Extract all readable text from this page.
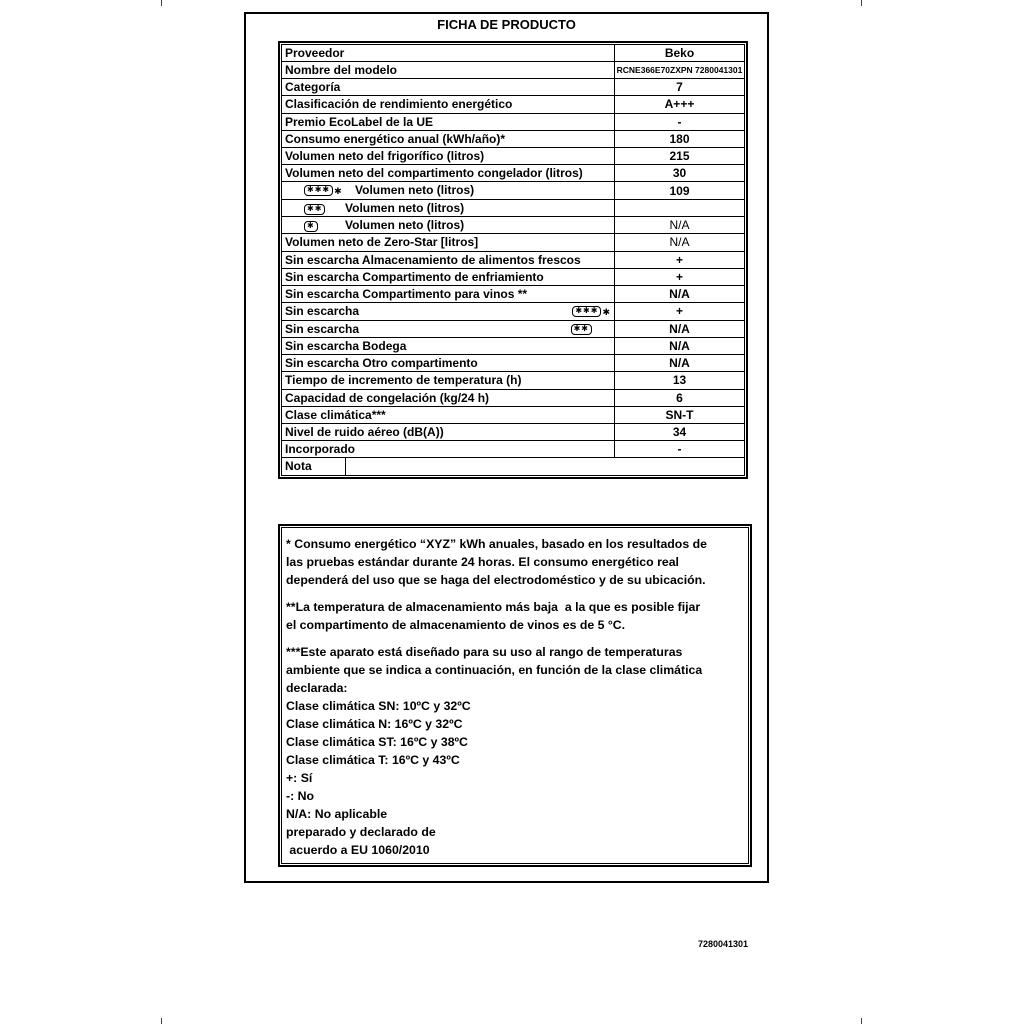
FICHA DE PRODUCTO
Proveedor	Beko
Nombre del modelo	RCNE366E70ZXPN 7280041301
Categoría	7
Clasificación de rendimiento energético	A+++
Premio EcoLabel de la UE	-
Consumo energético anual (kWh/año)*	180
Volumen neto del frigorífico (litros)	215
Volumen neto del compartimento congelador (litros)	30
✱✱✱ ✱ Volumen neto (litros)	109
✱✱ Volumen neto (litros)	
✱ Volumen neto (litros)	N/A
Volumen neto de Zero-Star [litros]	N/A
Sin escarcha Almacenamiento de alimentos frescos	+
Sin escarcha Compartimento de enfriamiento	+
Sin escarcha Compartimento para vinos **	N/A
Sin escarcha ✱✱✱ ✱	+
Sin escarcha ✱✱	N/A
Sin escarcha Bodega	N/A
Sin escarcha Otro compartimento	N/A
Tiempo de incremento de temperatura (h)	13
Capacidad de congelación (kg/24 h)	6
Clase climática***	SN-T
Nivel de ruido aéreo (dB(A))	34
Incorporado	-
Nota	

* Consumo energético “XYZ” kWh anuales, basado en los resultados de
las pruebas estándar durante 24 horas. El consumo energético real
dependerá del uso que se haga del electrodoméstico y de su ubicación.

**La temperatura de almacenamiento más baja  a la que es posible fijar
el compartimento de almacenamiento de vinos es de 5 °C.

***Este aparato está diseñado para su uso al rango de temperaturas
ambiente que se indica a continuación, en función de la clase climática
declarada:
Clase climática SN: 10ºC y 32ºC
Clase climática N: 16ºC y 32ºC
Clase climática ST: 16ºC y 38ºC
Clase climática T: 16ºC y 43ºC
+: Sí
-: No
N/A: No aplicable
preparado y declarado de
acuerdo a EU 1060/2010

7280041301
